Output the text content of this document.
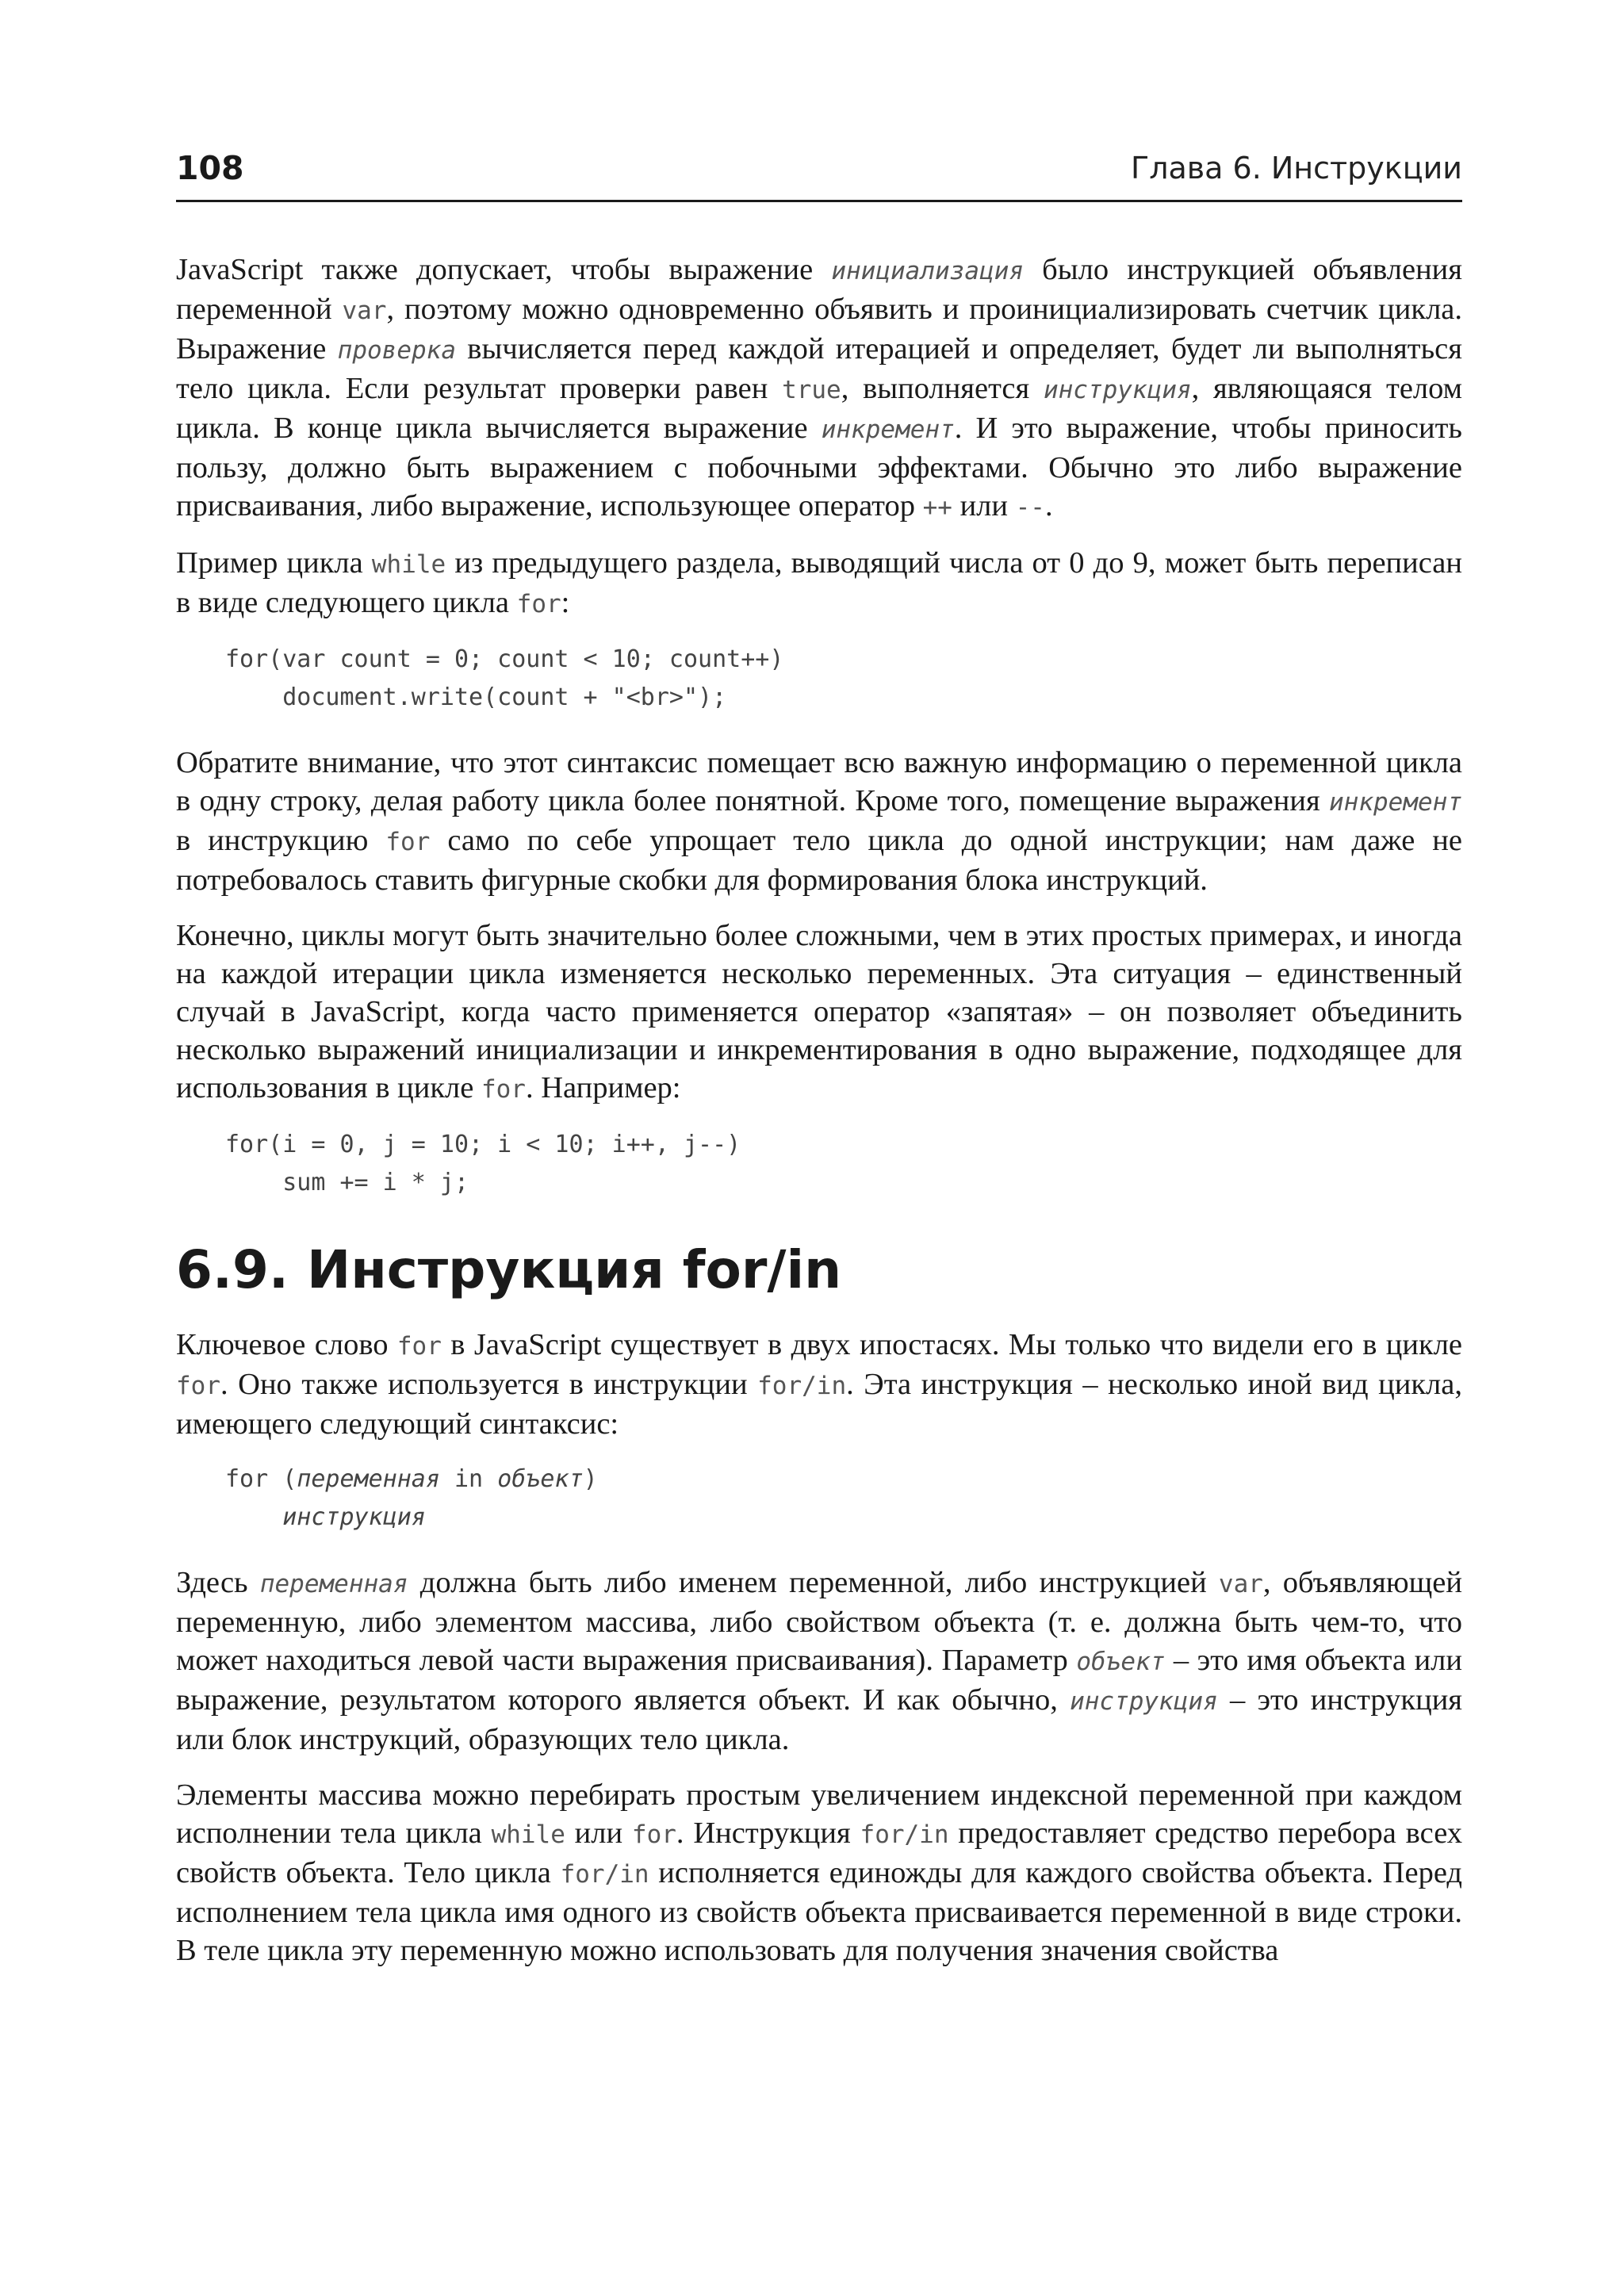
108	Глава 6. Инструкции

JavaScript также допускает, чтобы выражение инициализация было инструкцией объявления переменной var, поэтому можно одновременно объявить и проинициализировать счетчик цикла. Выражение проверка вычисляется перед каждой итерацией и определяет, будет ли выполняться тело цикла. Если результат проверки равен true, выполняется инструкция, являющаяся телом цикла. В конце цикла вычисляется выражение инкремент. И это выражение, чтобы приносить пользу, должно быть выражением с побочными эффектами. Обычно это либо выражение присваивания, либо выражение, использующее оператор ++ или --.

Пример цикла while из предыдущего раздела, выводящий числа от 0 до 9, может быть переписан в виде следующего цикла for:

for(var count = 0; count < 10; count++)
document.write(count + "<br>");

Обратите внимание, что этот синтаксис помещает всю важную информацию о переменной цикла в одну строку, делая работу цикла более понятной. Кроме того, помещение выражения инкремент в инструкцию for само по себе упрощает тело цикла до одной инструкции; нам даже не потребовалось ставить фигурные скобки для формирования блока инструкций.

Конечно, циклы могут быть значительно более сложными, чем в этих простых примерах, и иногда на каждой итерации цикла изменяется несколько переменных. Эта ситуация – единственный случай в JavaScript, когда часто применяется оператор «запятая» – он позволяет объединить несколько выражений инициализации и инкрементирования в одно выражение, подходящее для использования в цикле for. Например:

for(i = 0, j = 10; i < 10; i++, j--)
sum += i * j;
6.9. Инструкция for/in

Ключевое слово for в JavaScript существует в двух ипостасях. Мы только что видели его в цикле for. Оно также используется в инструкции for/in. Эта инструкция – несколько иной вид цикла, имеющего следующий синтаксис:

for (переменная in объект)
инструкция

Здесь переменная должна быть либо именем переменной, либо инструкцией var, объявляющей переменную, либо элементом массива, либо свойством объекта (т. е. должна быть чем-то, что может находиться левой части выражения присваивания). Параметр объект – это имя объекта или выражение, результатом которого является объект. И как обычно, инструкция – это инструкция или блок инструкций, образующих тело цикла.

Элементы массива можно перебирать простым увеличением индексной переменной при каждом исполнении тела цикла while или for. Инструкция for/in предоставляет средство перебора всех свойств объекта. Тело цикла for/in исполняется единожды для каждого свойства объекта. Перед исполнением тела цикла имя одного из свойств объекта присваивается переменной в виде строки. В теле цикла эту переменную можно использовать для получения значения свойства
